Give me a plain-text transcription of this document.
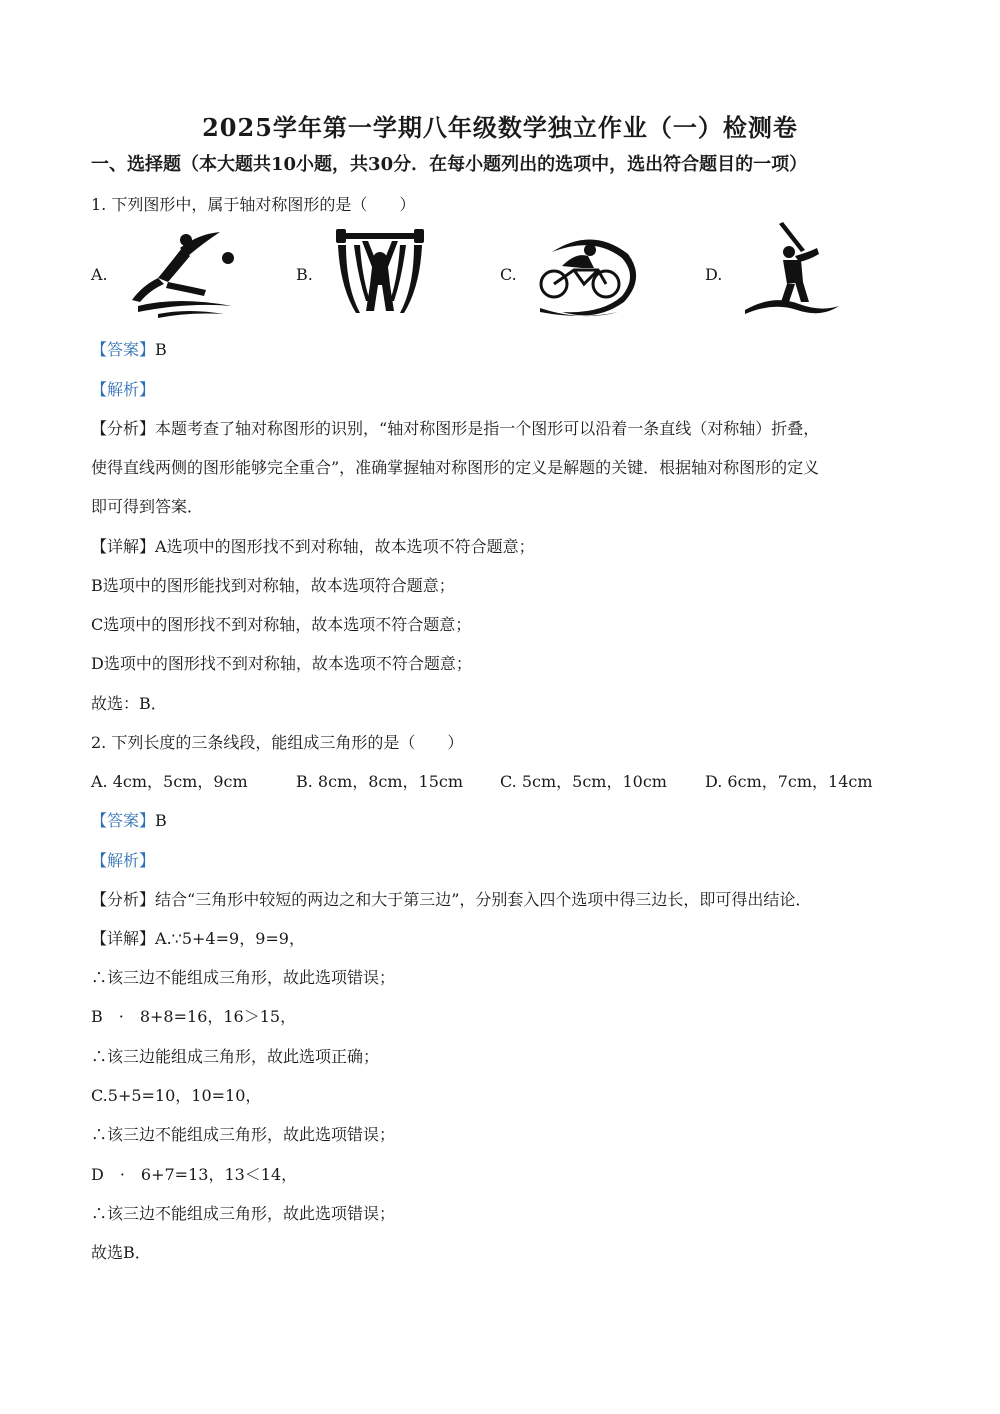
2025学年第一学期八年级数学独立作业（一）检测卷
一、选择题（本大题共10小题，共30分．在每小题列出的选项中，选出符合题目的一项）
1. 下列图形中，属于轴对称图形的是（　　）
A.	B.	C.	D.
【答案】B
【解析】
【分析】本题考查了轴对称图形的识别，“轴对称图形是指一个图形可以沿着一条直线（对称轴）折叠，
使得直线两侧的图形能够完全重合”，准确掌握轴对称图形的定义是解题的关键．根据轴对称图形的定义
即可得到答案．
【详解】A选项中的图形找不到对称轴，故本选项不符合题意；
B选项中的图形能找到对称轴，故本选项符合题意；
C选项中的图形找不到对称轴，故本选项不符合题意；
D选项中的图形找不到对称轴，故本选项不符合题意；
故选：B．
2. 下列长度的三条线段，能组成三角形的是（　　）
A. 4cm，5cm，9cm	B. 8cm，8cm，15cm C. 5cm，5cm，10cm D. 6cm，7cm，14cm
【答案】B
【解析】
【分析】结合“三角形中较短的两边之和大于第三边”，分别套入四个选项中得三边长，即可得出结论．
【详解】A.∵5+4=9，9=9，
∴该三边不能组成三角形，故此选项错误；
B　·　8+8=16，16＞15，
∴该三边能组成三角形，故此选项正确；
C.5+5=10，10=10，
∴该三边不能组成三角形，故此选项错误；
D　·　6+7=13，13＜14，
∴该三边不能组成三角形，故此选项错误；
故选B．
